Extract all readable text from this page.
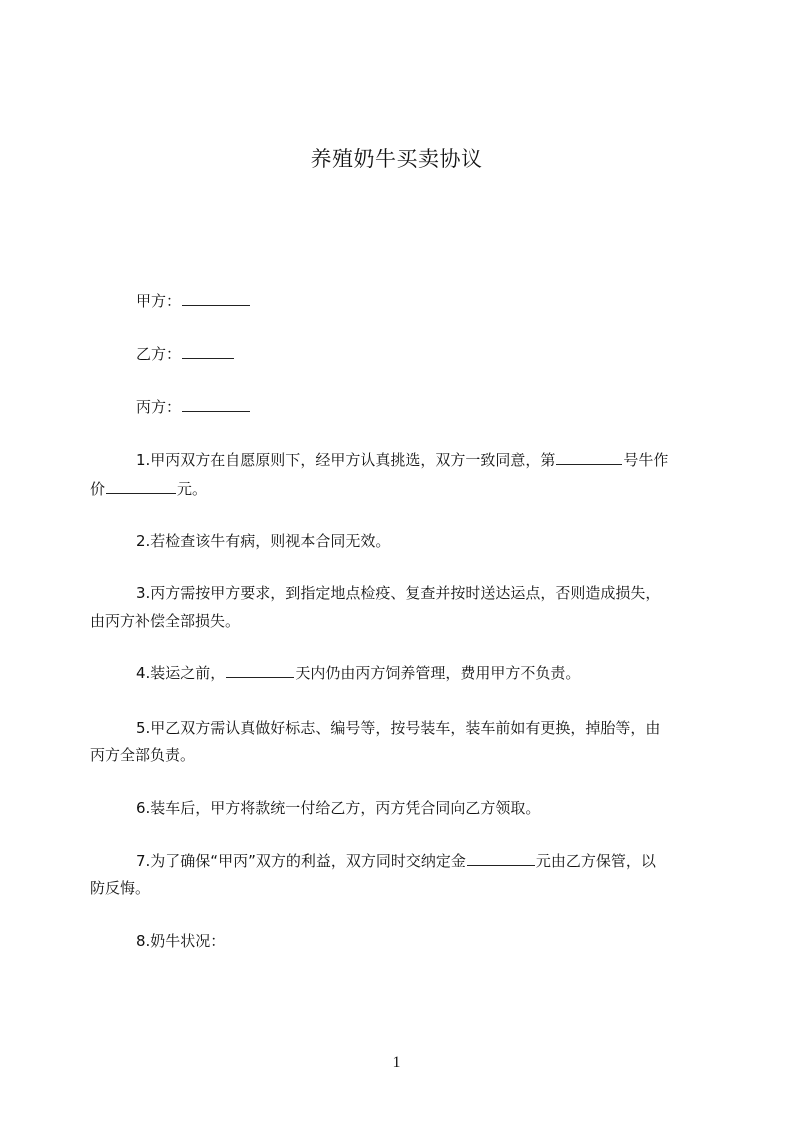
养殖奶牛买卖协议
甲方：
乙方：
丙方：
1.甲丙双方在自愿原则下，经甲方认真挑选，双方一致同意，第	号牛作
价	元。
2.若检查该牛有病，则视本合同无效。
3.丙方需按甲方要求，到指定地点检疫、复查并按时送达运点，否则造成损失，
由丙方补偿全部损失。
4.装运之前，	天内仍由丙方饲养管理，费用甲方不负责。
5.甲乙双方需认真做好标志、编号等，按号装车，装车前如有更换，掉胎等，由
丙方全部负责。
6.装车后，甲方将款统一付给乙方，丙方凭合同向乙方领取。
7.为了确保“甲丙”双方的利益，双方同时交纳定金	元由乙方保管，以
防反悔。
8.奶牛状况：
1
